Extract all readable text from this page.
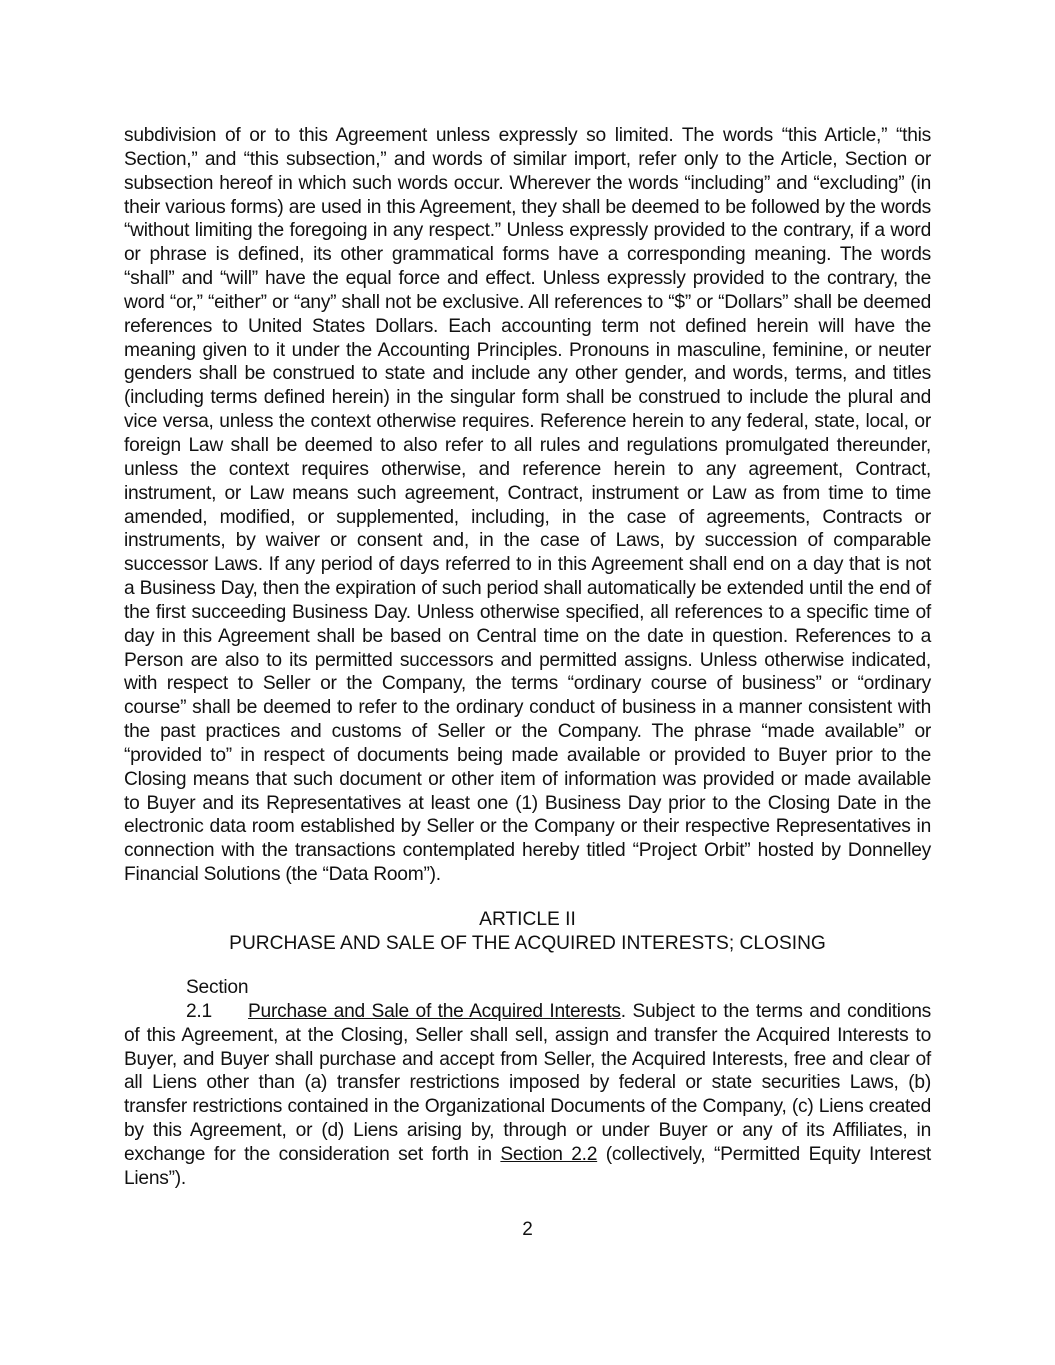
subdivision of or to this Agreement unless expressly so limited. The words “this Article,” “this Section,” and “this subsection,” and words of similar import, refer only to the Article, Section or subsection hereof in which such words occur. Wherever the words “including” and “excluding” (in their various forms) are used in this Agreement, they shall be deemed to be followed by the words “without limiting the foregoing in any respect.” Unless expressly provided to the contrary, if a word or phrase is defined, its other grammatical forms have a corresponding meaning. The words “shall” and “will” have the equal force and effect. Unless expressly provided to the contrary, the word “or,” “either” or “any” shall not be exclusive. All references to “$” or “Dollars” shall be deemed references to United States Dollars. Each accounting term not defined herein will have the meaning given to it under the Accounting Principles. Pronouns in masculine, feminine, or neuter genders shall be construed to state and include any other gender, and words, terms, and titles (including terms defined herein) in the singular form shall be construed to include the plural and vice versa, unless the context otherwise requires. Reference herein to any federal, state, local, or foreign Law shall be deemed to also refer to all rules and regulations promulgated thereunder, unless the context requires otherwise, and reference herein to any agreement, Contract, instrument, or Law means such agreement, Contract, instrument or Law as from time to time amended, modified, or supplemented, including, in the case of agreements, Contracts or instruments, by waiver or consent and, in the case of Laws, by succession of comparable successor Laws. If any period of days referred to in this Agreement shall end on a day that is not a Business Day, then the expiration of such period shall automatically be extended until the end of the first succeeding Business Day. Unless otherwise specified, all references to a specific time of day in this Agreement shall be based on Central time on the date in question. References to a Person are also to its permitted successors and permitted assigns. Unless otherwise indicated, with respect to Seller or the Company, the terms “ordinary course of business” or “ordinary course” shall be deemed to refer to the ordinary conduct of business in a manner consistent with the past practices and customs of Seller or the Company. The phrase “made available” or “provided to” in respect of documents being made available or provided to Buyer prior to the Closing means that such document or other item of information was provided or made available to Buyer and its Representatives at least one (1) Business Day prior to the Closing Date in the electronic data room established by Seller or the Company or their respective Representatives in connection with the transactions contemplated hereby titled “Project Orbit” hosted by Donnelley Financial Solutions (the “Data Room”).

ARTICLE II
PURCHASE AND SALE OF THE ACQUIRED INTERESTS; CLOSING

Section 2.1 Purchase and Sale of the Acquired Interests. Subject to the terms and conditions of this Agreement, at the Closing, Seller shall sell, assign and transfer the Acquired Interests to Buyer, and Buyer shall purchase and accept from Seller, the Acquired Interests, free and clear of all Liens other than (a) transfer restrictions imposed by federal or state securities Laws, (b) transfer restrictions contained in the Organizational Documents of the Company, (c) Liens created by this Agreement, or (d) Liens arising by, through or under Buyer or any of its Affiliates, in exchange for the consideration set forth in Section 2.2 (collectively, “Permitted Equity Interest Liens”).

2
